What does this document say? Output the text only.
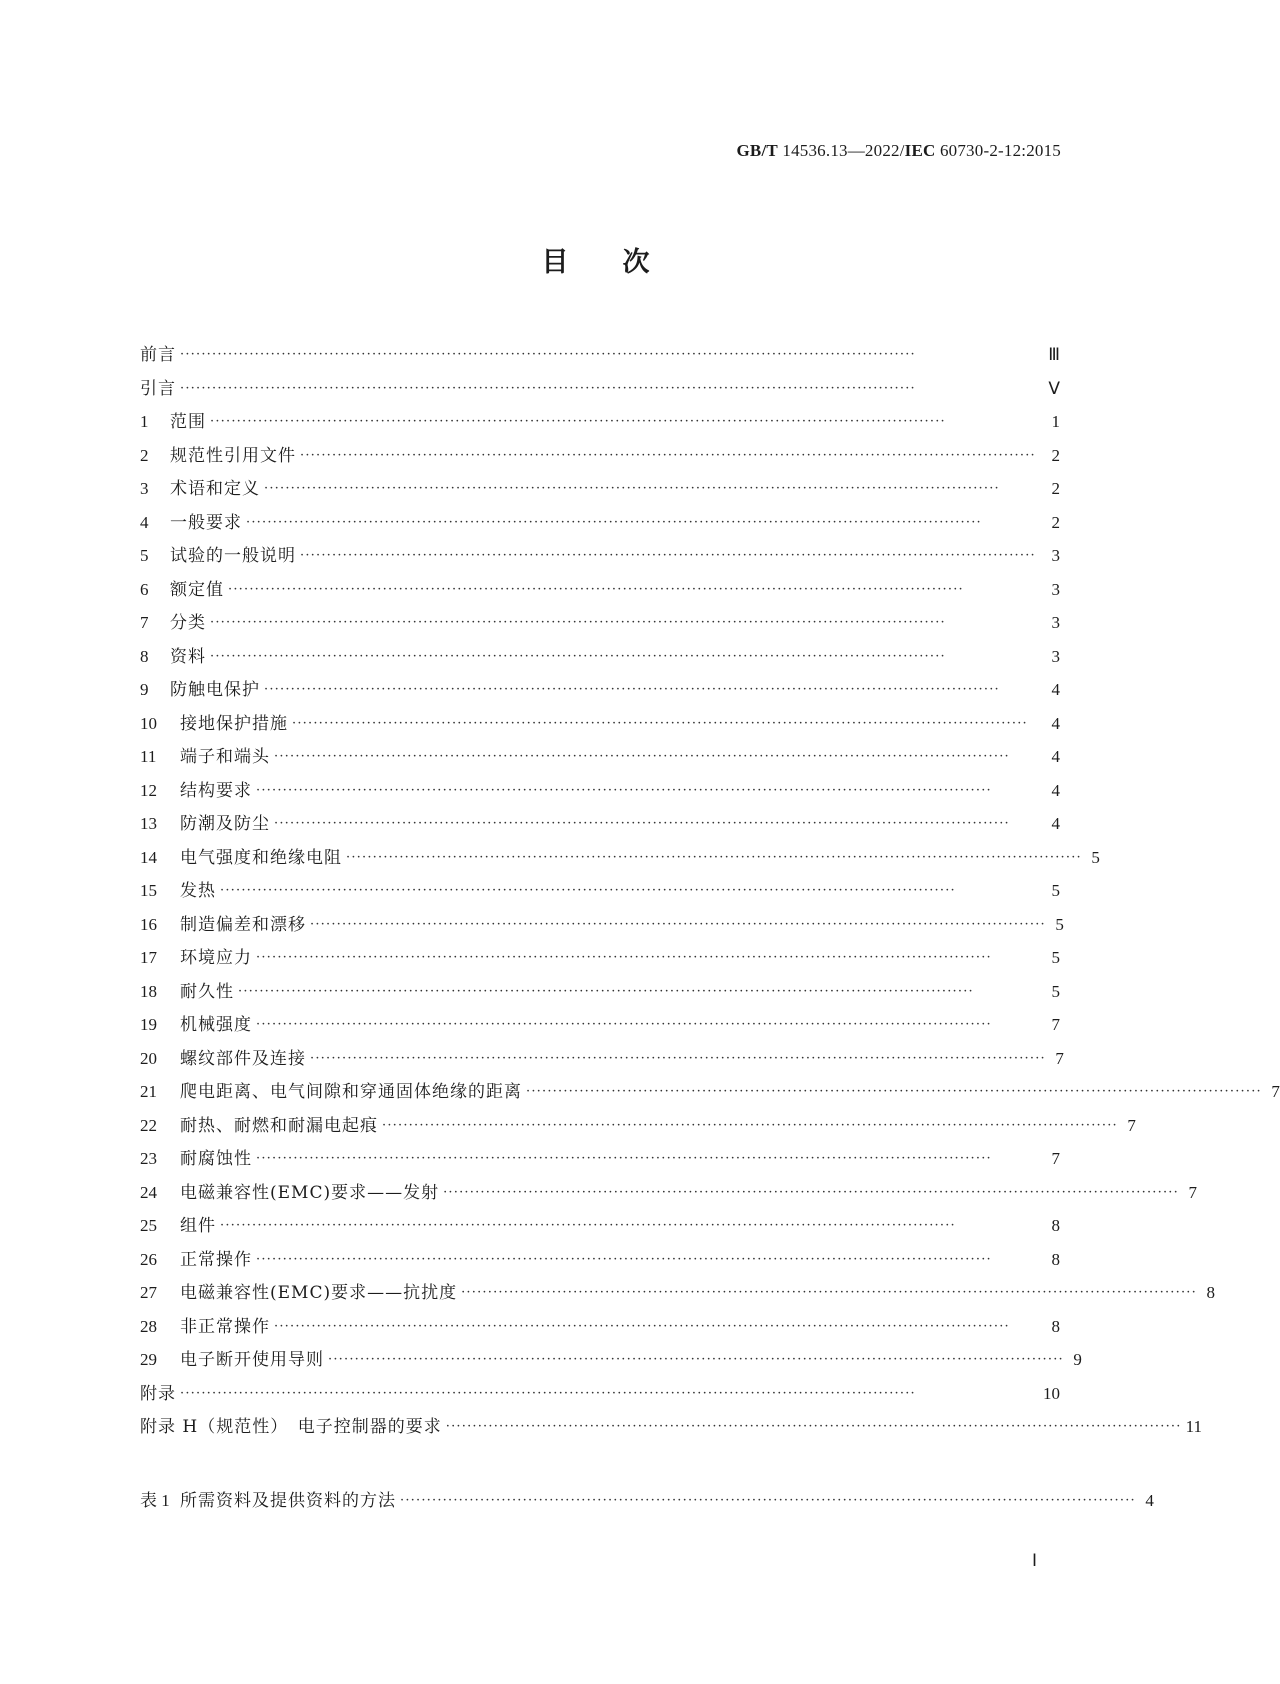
GB/T 14536.13—2022/IEC 60730-2-12:2015
目　　次
前言 ··········································································································································	Ⅲ
引言 ··········································································································································	Ⅴ
1	范围 ··········································································································································	1
2	规范性引用文件 ·········································································································································· 2
3	术语和定义 ··········································································································································	2
4	一般要求 ··········································································································································	2
5	试验的一般说明 ·········································································································································· 3
6	额定值 ··········································································································································	3
7	分类 ··········································································································································	3
8	资料 ··········································································································································	3
9	防触电保护 ··········································································································································	4
10	接地保护措施 ··········································································································································	4
11	端子和端头 ··········································································································································	4
12	结构要求 ··········································································································································	4
13	防潮及防尘 ··········································································································································	4
14	电气强度和绝缘电阻 ·········································································································································· 5
15	发热 ··········································································································································	5
16	制造偏差和漂移 ·········································································································································· 5
17	环境应力 ··········································································································································	5
18	耐久性 ··········································································································································	5
19	机械强度 ··········································································································································	7
20	螺纹部件及连接 ·········································································································································· 7
21	爬电距离、电气间隙和穿通固体绝缘的距离 ·········································································································································· 7
22	耐热、耐燃和耐漏电起痕 ·········································································································································· 7
23	耐腐蚀性 ··········································································································································	7
24	电磁兼容性(EMC)要求——发射 ·········································································································································· 7
25	组件 ··········································································································································	8
26	正常操作 ··········································································································································	8
27	电磁兼容性(EMC)要求——抗扰度 ·········································································································································· 8
28	非正常操作 ··········································································································································	8
29	电子断开使用导则 ·········································································································································· 9
附录 ··········································································································································	10
附录 H（规范性）　电子控制器的要求 ·········································································································································· 11
表 1 所需资料及提供资料的方法 ·········································································································································· 4
Ⅰ
